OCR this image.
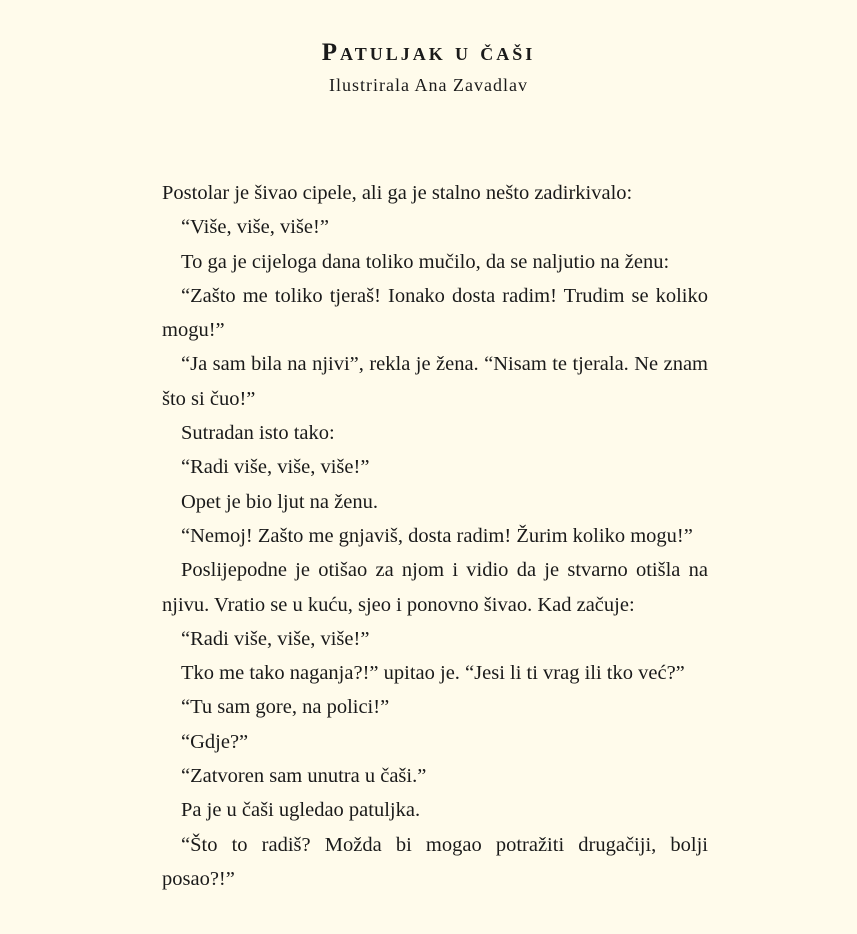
Patuljak u čaši

Ilustrirala Ana Zavadlav

Postolar je šivao cipele, ali ga je stalno nešto zadirkivalo:

“Više, više, više!”

To ga je cijeloga dana toliko mučilo, da se naljutio na ženu:

“Zašto me toliko tjeraš! Ionako dosta radim! Trudim se koliko mogu!”

“Ja sam bila na njivi”, rekla je žena. “Nisam te tjerala. Ne znam što si čuo!”

Sutradan isto tako:

“Radi više, više, više!”

Opet je bio ljut na ženu.

“Nemoj! Zašto me gnjaviš, dosta radim! Žurim koliko mogu!”

Poslijepodne je otišao za njom i vidio da je stvarno otišla na njivu. Vratio se u kuću, sjeo i ponovno šivao. Kad začuje:

“Radi više, više, više!”

Tko me tako naganja?!” upitao je. “Jesi li ti vrag ili tko već?”

“Tu sam gore, na polici!”

“Gdje?”

“Zatvoren sam unutra u čaši.”

Pa je u čaši ugledao patuljka.

“Što to radiš? Možda bi mogao potražiti drugačiji, bolji posao?!”
